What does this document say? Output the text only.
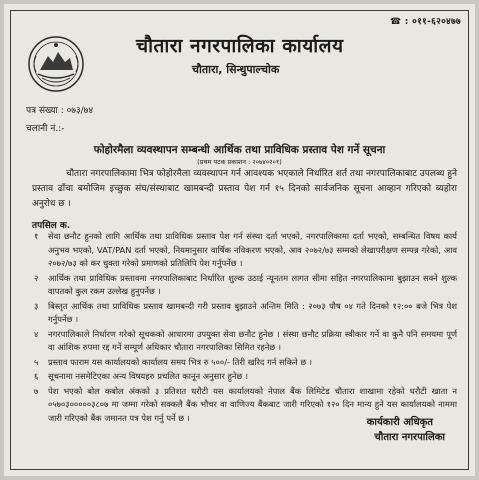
☎ : ०११-६२०४७७
चौतारा नगरपालिका कार्यालय
चौतारा, सिन्धुपाल्चोक
पत्र संख्या : ०७३/७४
चलानी नं.:-
फोहोरमैला व्यवस्थापन सम्बन्धी आर्थिक तथा प्राविधिक प्रस्ताव पेश गर्ने सूचना
(प्रथम पटक प्रकाशन : २०७४०२०१)
चौतारा नगरपालिकामा भित्र फोहोरमैला व्यवस्थापन गर्न आवश्यक भएकाले निर्धारित शर्त तथा नगरपालिकाबाट उपलब्ध हुने प्रस्ताव ढाँचा बमोजिम इच्छुक संघ/संस्थाबाट खामबन्दी प्रस्ताव पेश गर्न १५ दिनको सार्वजनिक सूचना आव्हान गरिएको ब्यहोरा अनुरोध छ ।
तपसिल क.
१ सेवा छनौट हुनको लागि आर्थिक तथा प्राविधिक प्रस्ताव पेश गर्न संस्था दर्ता भएको, नगरपालिकामा दर्ता भएको, सम्बन्धित विषय कार्य अनुभव भएको, VAT/PAN दर्ता भएको, नियमानुसार वार्षिक नविकरण भएको, आव २०७२/७३ सम्मको लेखापरीक्षण सम्पन्न गरेको, आव २०७२/७३ को कर चुक्ता गरेको प्रमाणको प्रतिलिपि पेश गर्नुपर्नेछ ।
२ आर्थिक तथा प्राविधिक प्रस्तावमा नगरपालिकाबाट निर्धारित शुल्क उठाई न्यूनतम लागत सीमा सहित नगरपालिकामा बुझाउन सक्ने शुल्क वापतको कुल रकम उल्लेख हुनुपर्नेछ ।
३ बिस्तृत आर्थिक तथा प्राविधिक प्रस्ताव खामबन्दी गरी प्रस्ताव बुझाउने अन्तिम मिति : २०७३ पौष ०४ गते दिनको १२:०० बजे भित्र पेश गर्नुपर्नेछ ।
४ नगरपालिकाले निर्धारण गरेको सूचकको आधारमा उपयुक्त सेवा छनौट हुनेछ । संस्था छनौट प्रक्रिया स्वीकार गर्ने वा कुनै पनि समयमा पूर्ण वा आंशिक रुपमा रद्द गर्ने सम्पूर्ण अधिकार चौतारा नगरपालिका सिमित रहनेछ ।
५ प्रस्ताव फाराम यस कार्यालयको कार्यालय समय भित्र रु ५००/- तिरी खरिद गर्न सकिने छ ।
६ सूचनामा नसमेटिएका अन्य विषयहरु प्रचलित कानून अनुसार हुनेछ ।
७ पेश भएको बोल कबोल अंकको ३ प्रतिशत धरौटी यस कार्यालयको नेपाल बैंक लिमिटेड चौतारा शाखामा रहेको धरौटी खाता न ०५७०३०००००३८०७ मा जम्मा गरेको सक्कलै बैंक भौचर वा वाणिज्य बैंकबाट जारी गरिएको १२० दिन मान्य हुने यस कार्यालयको नाममा जारी गरिएको बैंक जमानत पत्र पेश गर्नु पर्ने छ ।	कार्यकारी अधिकृत
चौतारा नगरपालिका
